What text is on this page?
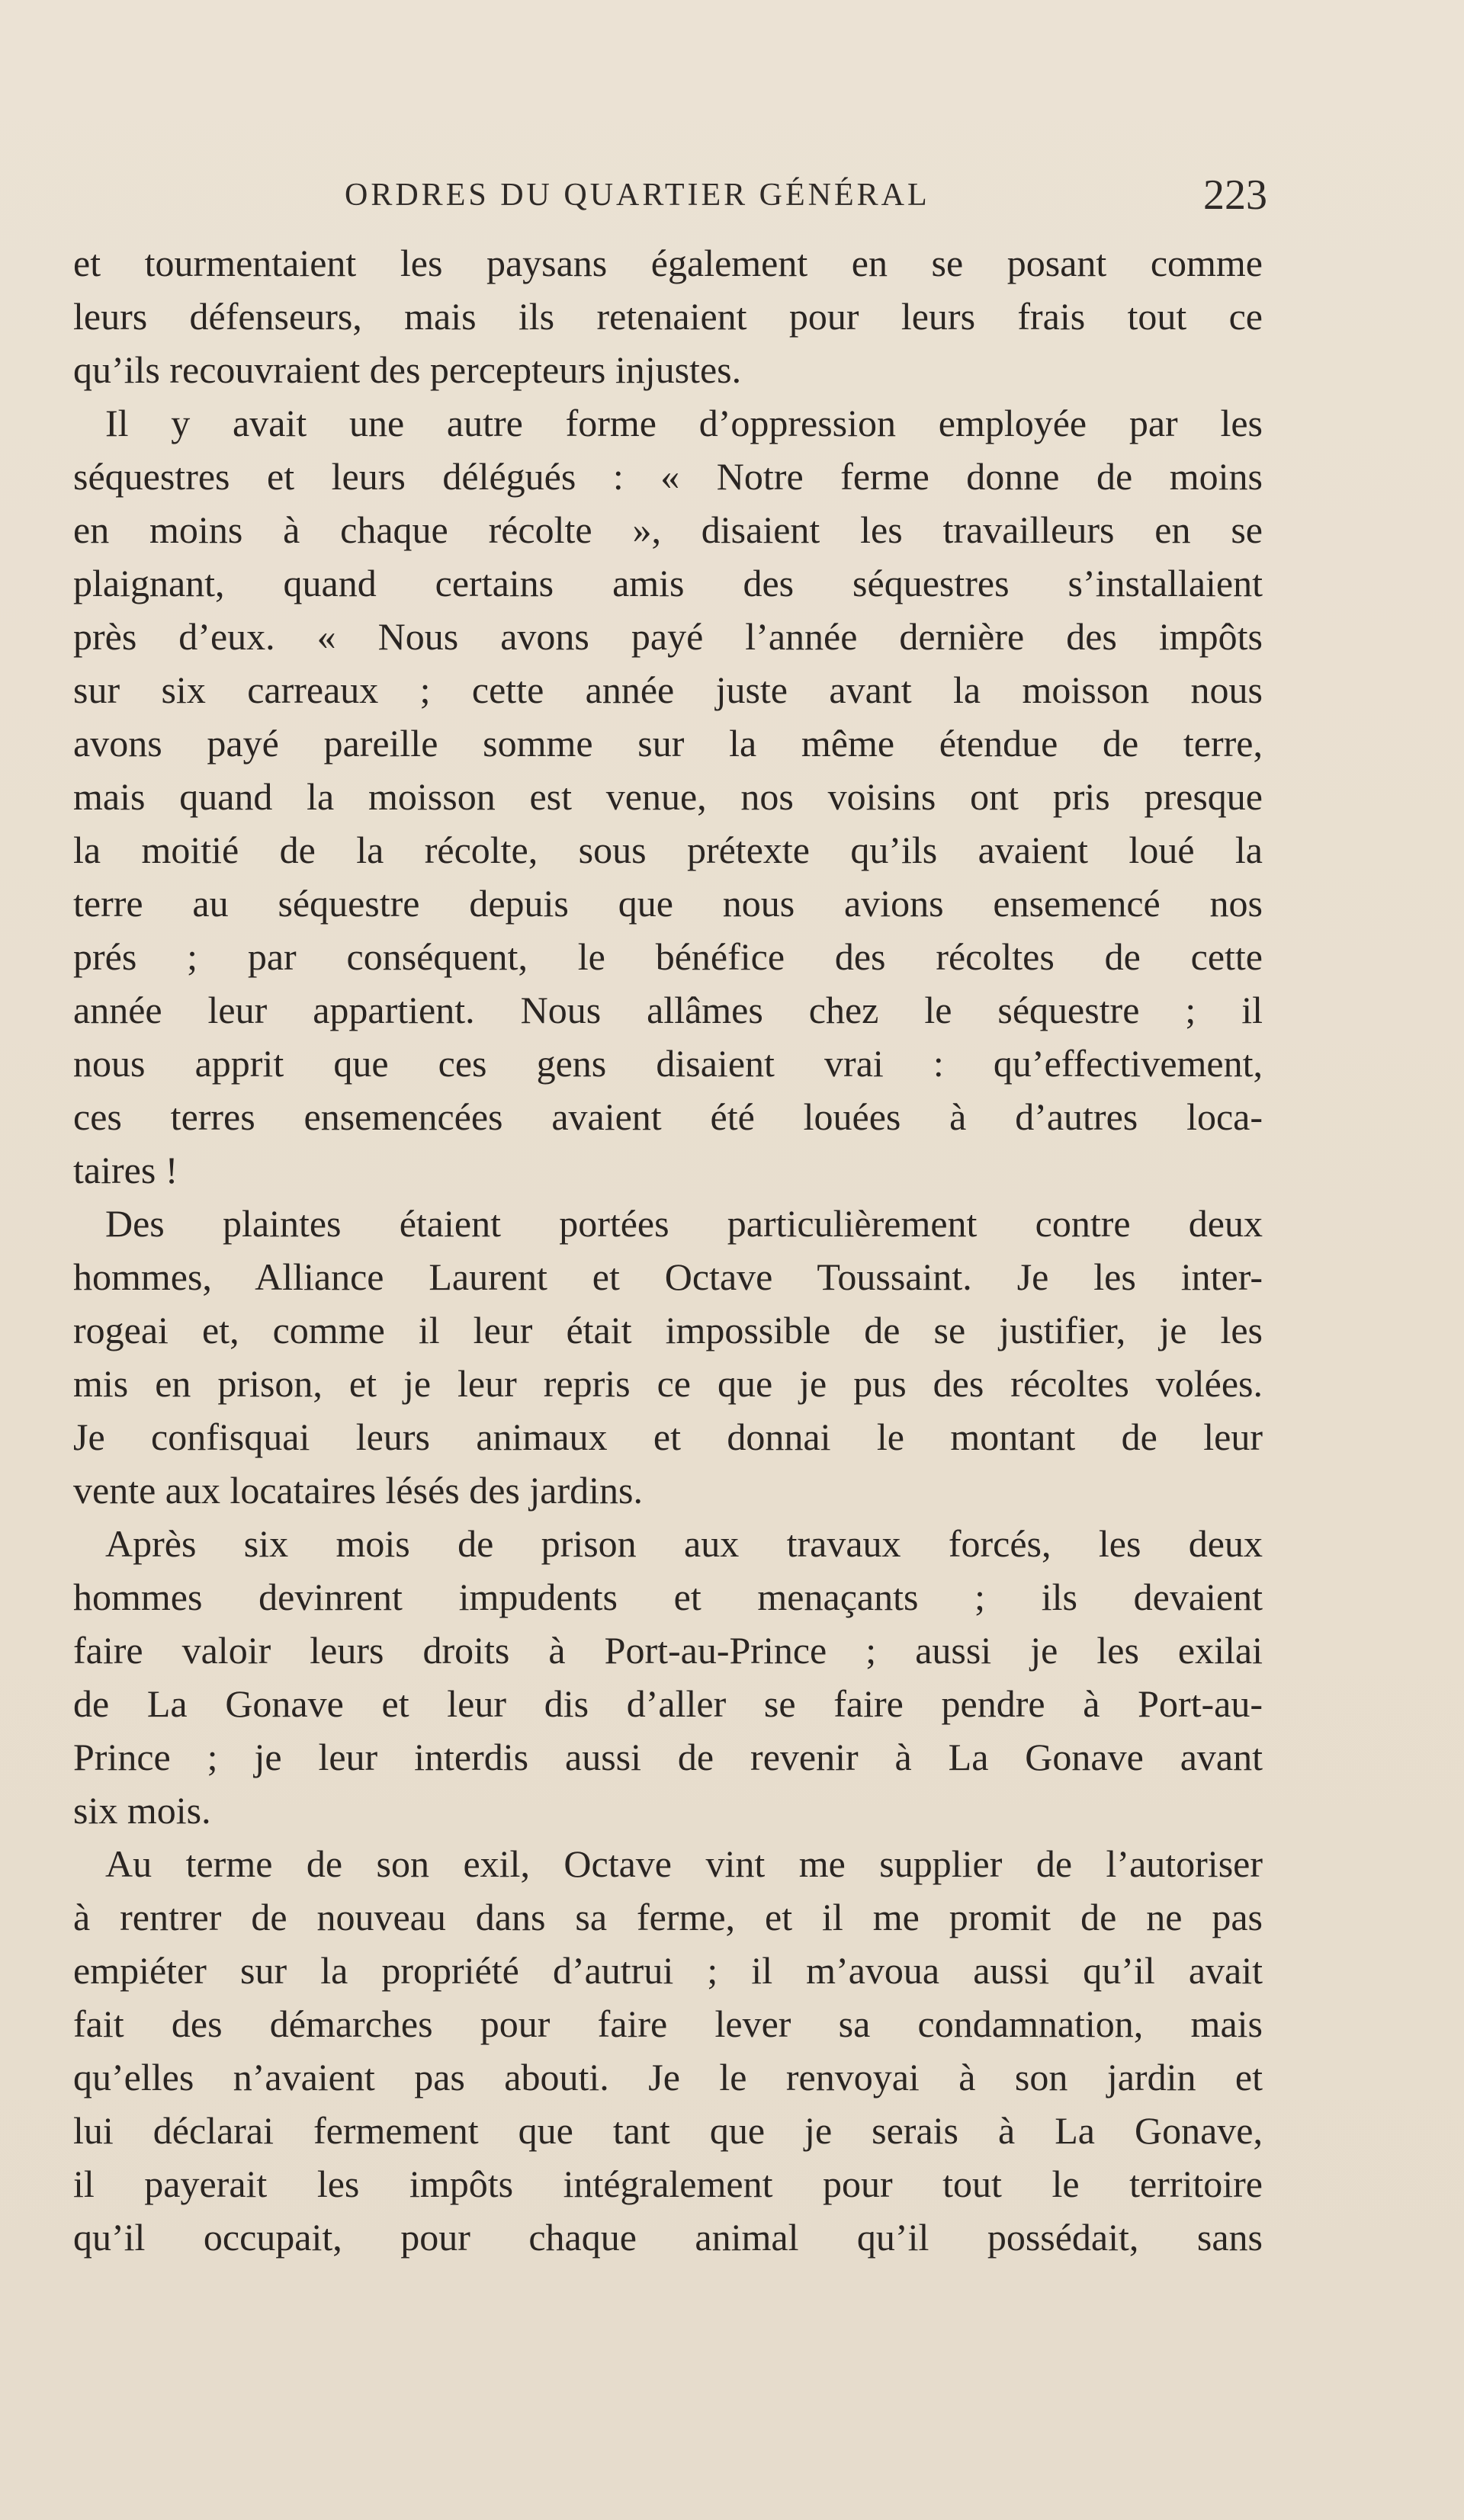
ORDRES DU QUARTIER GÉNÉRAL	223
et tourmentaient les paysans également en se posant comme
leurs défenseurs, mais ils retenaient pour leurs frais tout ce
qu’ils recouvraient des percepteurs injustes.
Il y avait une autre forme d’oppression employée par les
séquestres et leurs délégués : « Notre ferme donne de moins
en moins à chaque récolte », disaient les travailleurs en se
plaignant, quand certains amis des séquestres s’installaient
près d’eux. « Nous avons payé l’année dernière des impôts
sur six carreaux ; cette année juste avant la moisson nous
avons payé pareille somme sur la même étendue de terre,
mais quand la moisson est venue, nos voisins ont pris presque
la moitié de la récolte, sous prétexte qu’ils avaient loué la
terre au séquestre depuis que nous avions ensemencé nos
prés ; par conséquent, le bénéfice des récoltes de cette
année leur appartient. Nous allâmes chez le séquestre ; il
nous apprit que ces gens disaient vrai : qu’effectivement,
ces terres ensemencées avaient été louées à d’autres loca-
taires !
Des plaintes étaient portées particulièrement contre deux
hommes, Alliance Laurent et Octave Toussaint. Je les inter-
rogeai et, comme il leur était impossible de se justifier, je les
mis en prison, et je leur repris ce que je pus des récoltes volées.
Je confisquai leurs animaux et donnai le montant de leur
vente aux locataires lésés des jardins.
Après six mois de prison aux travaux forcés, les deux
hommes devinrent impudents et menaçants ; ils devaient
faire valoir leurs droits à Port-au-Prince ; aussi je les exilai
de La Gonave et leur dis d’aller se faire pendre à Port-au-
Prince ; je leur interdis aussi de revenir à La Gonave avant
six mois.
Au terme de son exil, Octave vint me supplier de l’autoriser
à rentrer de nouveau dans sa ferme, et il me promit de ne pas
empiéter sur la propriété d’autrui ; il m’avoua aussi qu’il avait
fait des démarches pour faire lever sa condamnation, mais
qu’elles n’avaient pas abouti. Je le renvoyai à son jardin et
lui déclarai fermement que tant que je serais à La Gonave,
il payerait les impôts intégralement pour tout le territoire
qu’il occupait, pour chaque animal qu’il possédait, sans
